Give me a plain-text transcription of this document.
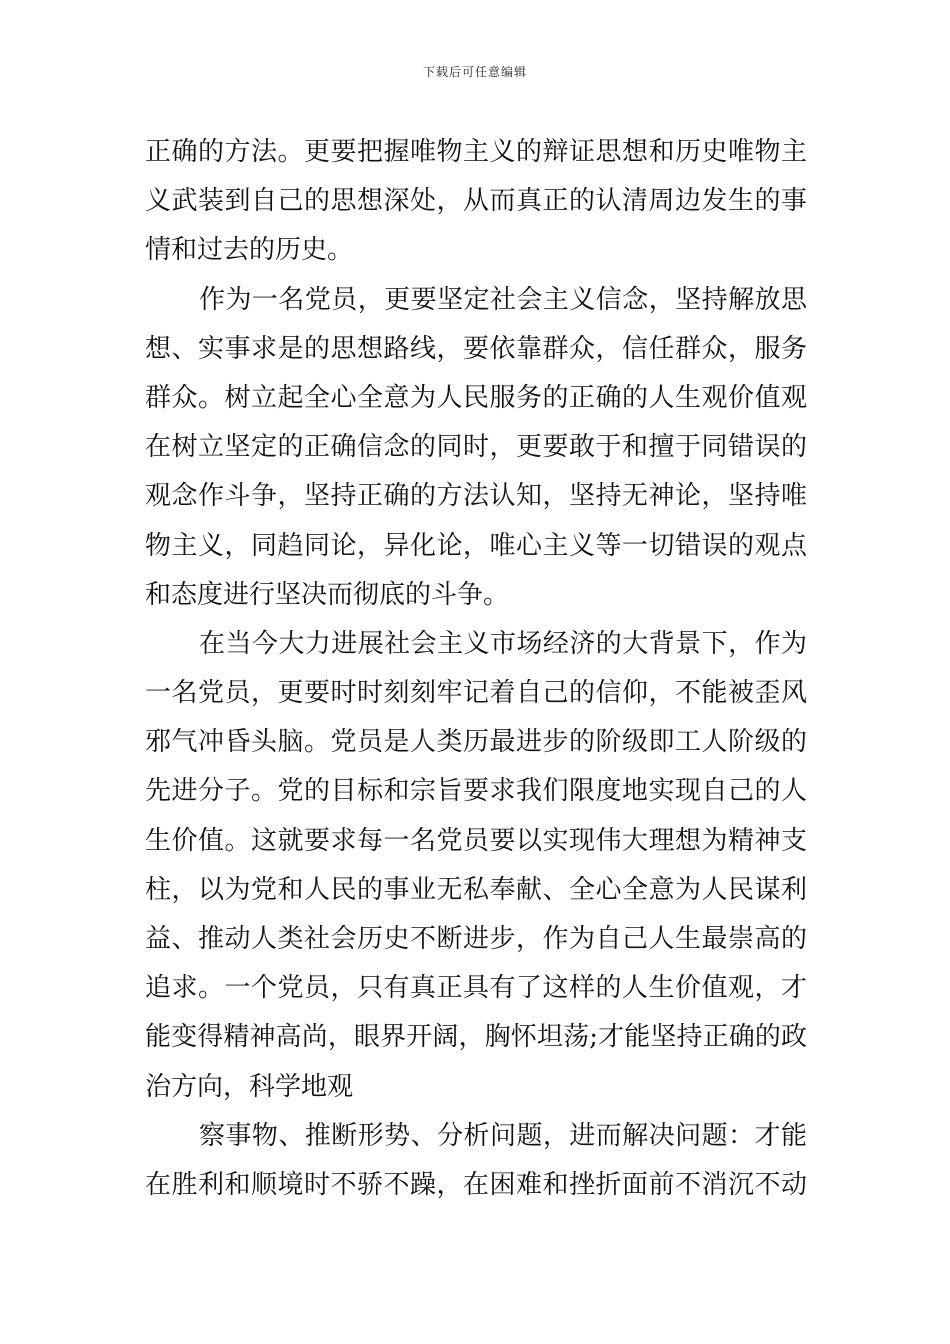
下载后可任意编辑
正确的方法。更要把握唯物主义的辩证思想和历史唯物主
义武装到自己的思想深处，从而真正的认清周边发生的事
情和过去的历史。
作为一名党员，更要坚定社会主义信念，坚持解放思
想、实事求是的思想路线，要依靠群众，信任群众，服务
群众。树立起全心全意为人民服务的正确的人生观价值观
在树立坚定的正确信念的同时，更要敢于和擅于同错误的
观念作斗争，坚持正确的方法认知，坚持无神论，坚持唯
物主义，同趋同论，异化论，唯心主义等一切错误的观点
和态度进行坚决而彻底的斗争。
在当今大力进展社会主义市场经济的大背景下，作为
一名党员，更要时时刻刻牢记着自己的信仰，不能被歪风
邪气冲昏头脑。党员是人类历最进步的阶级即工人阶级的
先进分子。党的目标和宗旨要求我们限度地实现自己的人
生价值。这就要求每一名党员要以实现伟大理想为精神支
柱，以为党和人民的事业无私奉献、全心全意为人民谋利
益、推动人类社会历史不断进步，作为自己人生最崇高的
追求。一个党员，只有真正具有了这样的人生价值观，才
能变得精神高尚，眼界开阔，胸怀坦荡;才能坚持正确的政
治方向，科学地观
察事物、推断形势、分析问题，进而解决问题：才能
在胜利和顺境时不骄不躁，在困难和挫折面前不消沉不动
